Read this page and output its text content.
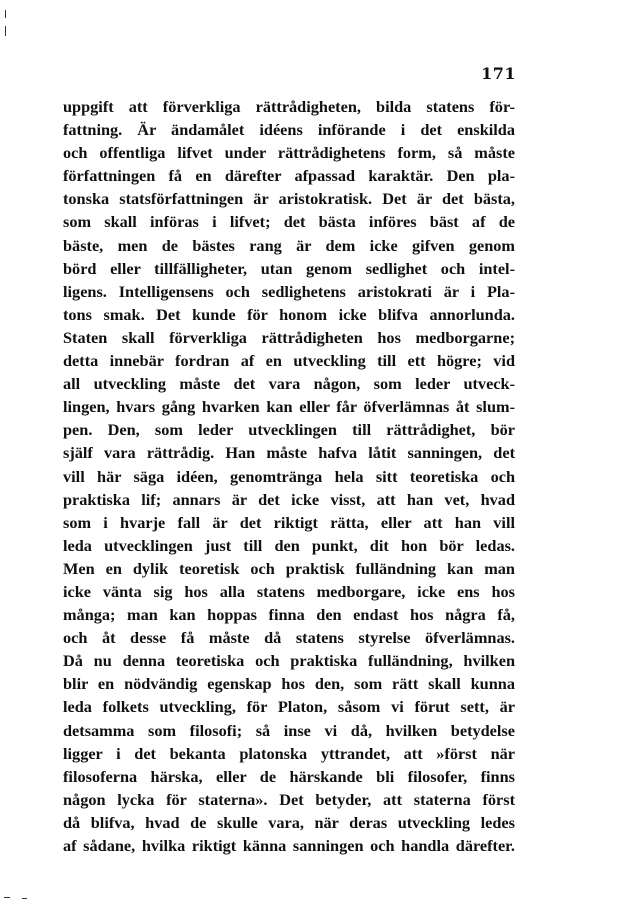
171
uppgift att förverkliga rättrådigheten, bilda statens för-
fattning. Är ändamålet idéens införande i det enskilda
och offentliga lifvet under rättrådighetens form, så måste
författningen få en därefter afpassad karaktär. Den pla-
tonska statsförfattningen är aristokratisk. Det är det bästa,
som skall införas i lifvet; det bästa införes bäst af de
bäste, men de bästes rang är dem icke gifven genom
börd eller tillfälligheter, utan genom sedlighet och intel-
ligens. Intelligensens och sedlighetens aristokrati är i Pla-
tons smak. Det kunde för honom icke blifva annorlunda.
Staten skall förverkliga rättrådigheten hos medborgarne;
detta innebär fordran af en utveckling till ett högre; vid
all utveckling måste det vara någon, som leder utveck-
lingen, hvars gång hvarken kan eller får öfverlämnas åt slum-
pen. Den, som leder utvecklingen till rättrådighet, bör
själf vara rättrådig. Han måste hafva låtit sanningen, det
vill här säga idéen, genomtränga hela sitt teoretiska och
praktiska lif; annars är det icke visst, att han vet, hvad
som i hvarje fall är det riktigt rätta, eller att han vill
leda utvecklingen just till den punkt, dit hon bör ledas.
Men en dylik teoretisk och praktisk fulländning kan man
icke vänta sig hos alla statens medborgare, icke ens hos
många; man kan hoppas finna den endast hos några få,
och åt desse få måste då statens styrelse öfverlämnas.
Då nu denna teoretiska och praktiska fulländning, hvilken
blir en nödvändig egenskap hos den, som rätt skall kunna
leda folkets utveckling, för Platon, såsom vi förut sett, är
detsamma som filosofi; så inse vi då, hvilken betydelse
ligger i det bekanta platonska yttrandet, att »först när
filosoferna härska, eller de härskande bli filosofer, finns
någon lycka för staterna». Det betyder, att staterna först
då blifva, hvad de skulle vara, när deras utveckling ledes
af sådane, hvilka riktigt känna sanningen och handla därefter.
